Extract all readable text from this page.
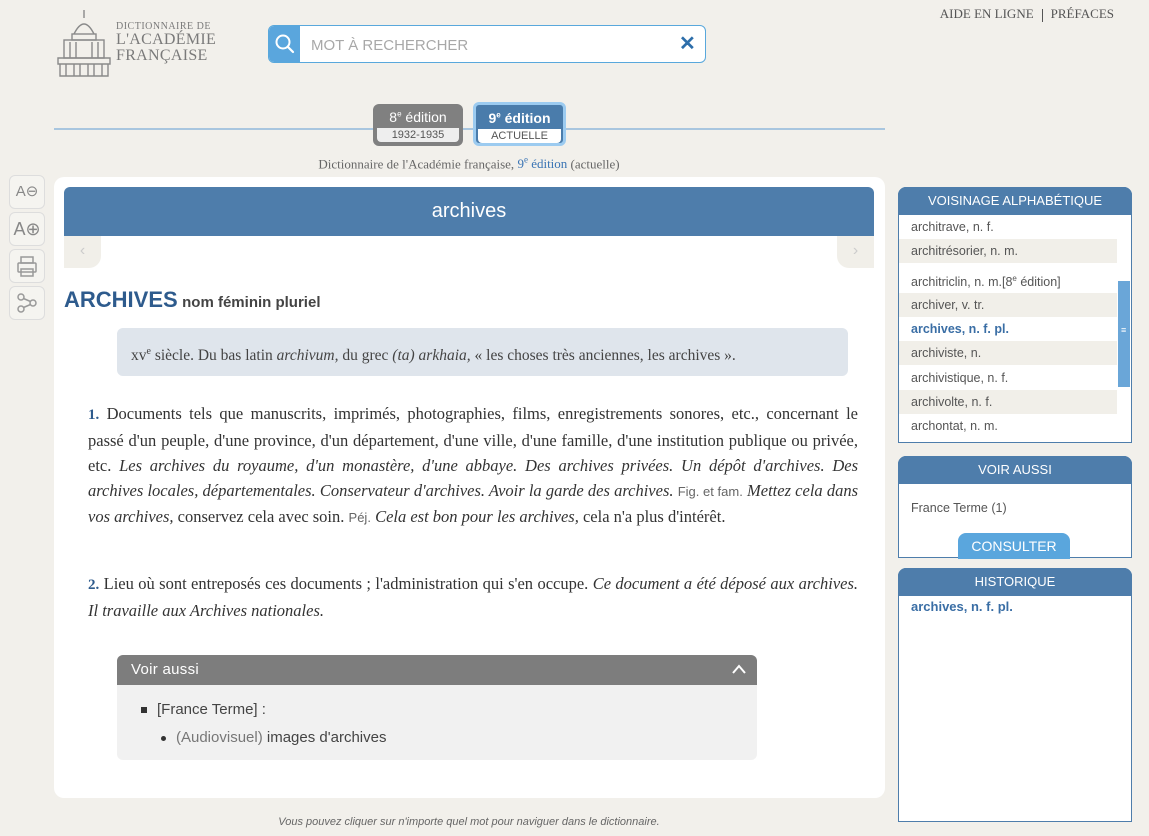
DICTIONNAIRE DE
L'ACADÉMIE
FRANÇAISE
MOT À RECHERCHER
✕
AIDE EN LIGNE PRÉFACES
8e édition
1932-1935
9e édition
ACTUELLE
Dictionnaire de l'Académie française, 9e édition (actuelle)
A⊖
A⊕
archives
‹	›
ARCHIVES nom féminin pluriel
$xv^e$ siècle. Du bas latin archivum, du grec (ta) arkhaia, « les choses très anciennes, les archives ».
1. Documents tels que manuscrits, imprimés, photographies, films, enregistrements sonores, etc., concernant le passé d'un peuple, d'une province, d'un département, d'une ville, d'une famille, d'une institution publique ou privée, etc. Les archives du royaume, d'un monastère, d'une abbaye. Des archives privées. Un dépôt d'archives. Des archives locales, départementales. Conservateur d'archives. Avoir la garde des archives. Fig. et fam. Mettez cela dans vos archives, conservez cela avec soin. Péj. Cela est bon pour les archives, cela n'a plus d'intérêt.
2. Lieu où sont entreposés ces documents ; l'administration qui s'en occupe. Ce document a été déposé aux archives. Il travaille aux Archives nationales.
Voir aussi
[France Terme] :
(Audiovisuel) images d'archives
Vous pouvez cliquer sur n'importe quel mot pour naviguer dans le dictionnaire.
VOISINAGE ALPHABÉTIQUE
architrave, n. f.
architrésorier, n. m.
architriclin, n. m.[8e édition]
archiver, v. tr.
archives, n. f. pl.
archiviste, n.
archivistique, n. f.
archivolte, n. f.
archontat, n. m.
≡
VOIR AUSSI
France Terme (1)
CONSULTER
HISTORIQUE
archives, n. f. pl.
